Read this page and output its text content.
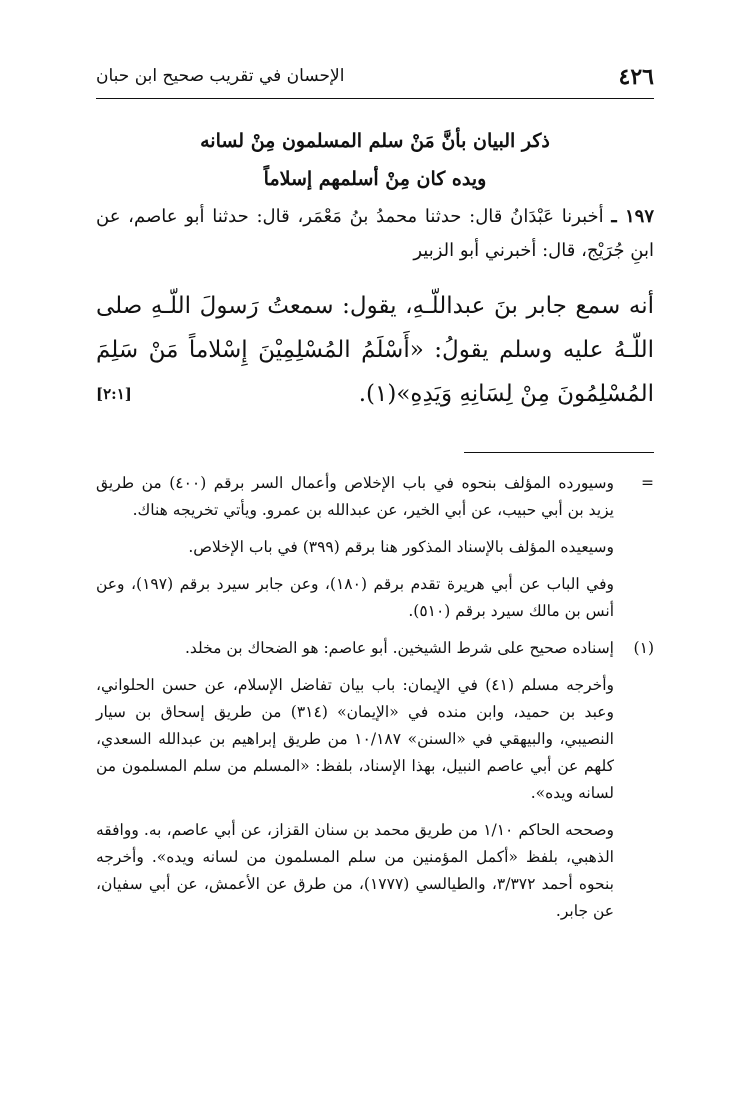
٤٢٦
الإحسان في تقريب صحيح ابن حبان
ذكر البيان بأنَّ مَنْ سلم المسلمون مِنْ لسانه
ويده كان مِنْ أسلمهم إسلاماً
١٩٧ ـ أخبرنا عَبْدَانُ قال: حدثنا محمدُ بنُ مَعْمَر، قال: حدثنا أبو عاصم، عن ابنِ جُرَيْج، قال: أخبرني أبو الزبير
أنه سمع جابر بنَ عبداللّـهِ، يقول: سمعتُ رَسولَ اللّـهِ صلى اللّـهُ عليه وسلم يقولُ: «أَسْلَمُ المُسْلِمِيْنَ إِسْلاماً مَنْ سَلِمَ المُسْلِمُونَ مِنْ لِسَانِهِ وَيَدِهِ»(١).
[٢:١]

=
وسيورده المؤلف بنحوه في باب الإخلاص وأعمال السر برقم (٤٠٠) من طريق يزيد بن أبي حبيب، عن أبي الخير، عن عبدالله بن عمرو. ويأتي تخريجه هناك.

وسيعيده المؤلف بالإسناد المذكور هنا برقم (٣٩٩) في باب الإخلاص.

وفي الباب عن أبي هريرة تقدم برقم (١٨٠)، وعن جابر سيرد برقم (١٩٧)، وعن أنس بن مالك سيرد برقم (٥١٠).

(١)
إسناده صحيح على شرط الشيخين. أبو عاصم: هو الضحاك بن مخلد.

وأخرجه مسلم (٤١) في الإيمان: باب بيان تفاضل الإسلام، عن حسن الحلواني، وعبد بن حميد، وابن منده في «الإيمان» (٣١٤) من طريق إسحاق بن سيار النصيبي، والبيهقي في «السنن» ١٠/١٨٧ من طريق إبراهيم بن عبدالله السعدي، كلهم عن أبي عاصم النبيل، بهذا الإسناد، بلفظ: «المسلم من سلم المسلمون من لسانه ويده».

وصححه الحاكم ١/١٠ من طريق محمد بن سنان القزاز، عن أبي عاصم، به. ووافقه الذهبي، بلفظ «أكمل المؤمنين من سلم المسلمون من لسانه ويده». وأخرجه بنحوه أحمد ٣/٣٧٢، والطيالسي (١٧٧٧)، من طرق عن الأعمش، عن أبي سفيان، عن جابر.
